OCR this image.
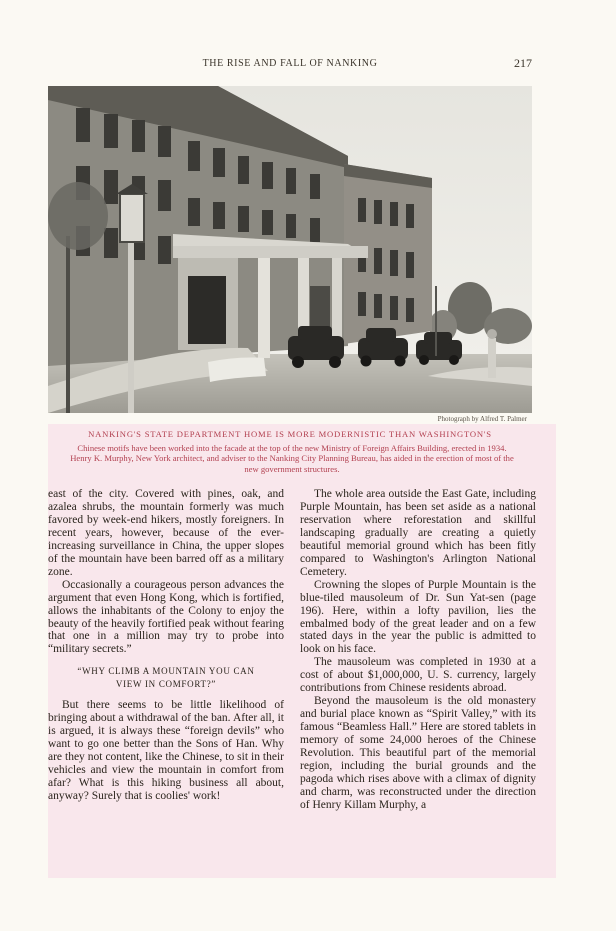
THE RISE AND FALL OF NANKING	217
Photograph by Alfred T. Palmer
NANKING'S STATE DEPARTMENT HOME IS MORE MODERNISTIC THAN WASHINGTON'S

Chinese motifs have been worked into the facade at the top of the new Ministry of Foreign Affairs Building, erected in 1934. Henry K. Murphy, New York architect, and adviser to the Nanking City Planning Bureau, has aided in the erection of most of the new government structures.

east of the city. Covered with pines, oak, and azalea shrubs, the mountain formerly was much favored by week-end hikers, mostly foreigners. In recent years, however, because of the ever-increasing surveillance in China, the upper slopes of the mountain have been barred off as a military zone.

Occasionally a courageous person advances the argument that even Hong Kong, which is fortified, allows the inhabitants of the Colony to enjoy the beauty of the heavily fortified peak without fearing that one in a million may try to probe into “military secrets.”

“WHY CLIMB A MOUNTAIN YOU CAN
VIEW IN COMFORT?”

But there seems to be little likelihood of bringing about a withdrawal of the ban. After all, it is argued, it is always these “foreign devils” who want to go one better than the Sons of Han. Why are they not content, like the Chinese, to sit in their vehicles and view the mountain in comfort from afar? What is this hiking business all about, anyway? Surely that is coolies' work!

The whole area outside the East Gate, including Purple Mountain, has been set aside as a national reservation where reforestation and skillful landscaping gradually are creating a quietly beautiful memorial ground which has been fitly compared to Washington's Arlington National Cemetery.

Crowning the slopes of Purple Mountain is the blue-tiled mausoleum of Dr. Sun Yat-sen (page 196). Here, within a lofty pavilion, lies the embalmed body of the great leader and on a few stated days in the year the public is admitted to look on his face.

The mausoleum was completed in 1930 at a cost of about $1,000,000, U. S. currency, largely contributions from Chinese residents abroad.

Beyond the mausoleum is the old monastery and burial place known as “Spirit Valley,” with its famous “Beamless Hall.” Here are stored tablets in memory of some 24,000 heroes of the Chinese Revolution. This beautiful part of the memorial region, including the burial grounds and the pagoda which rises above with a climax of dignity and charm, was reconstructed under the direction of Henry Killam Murphy, a
